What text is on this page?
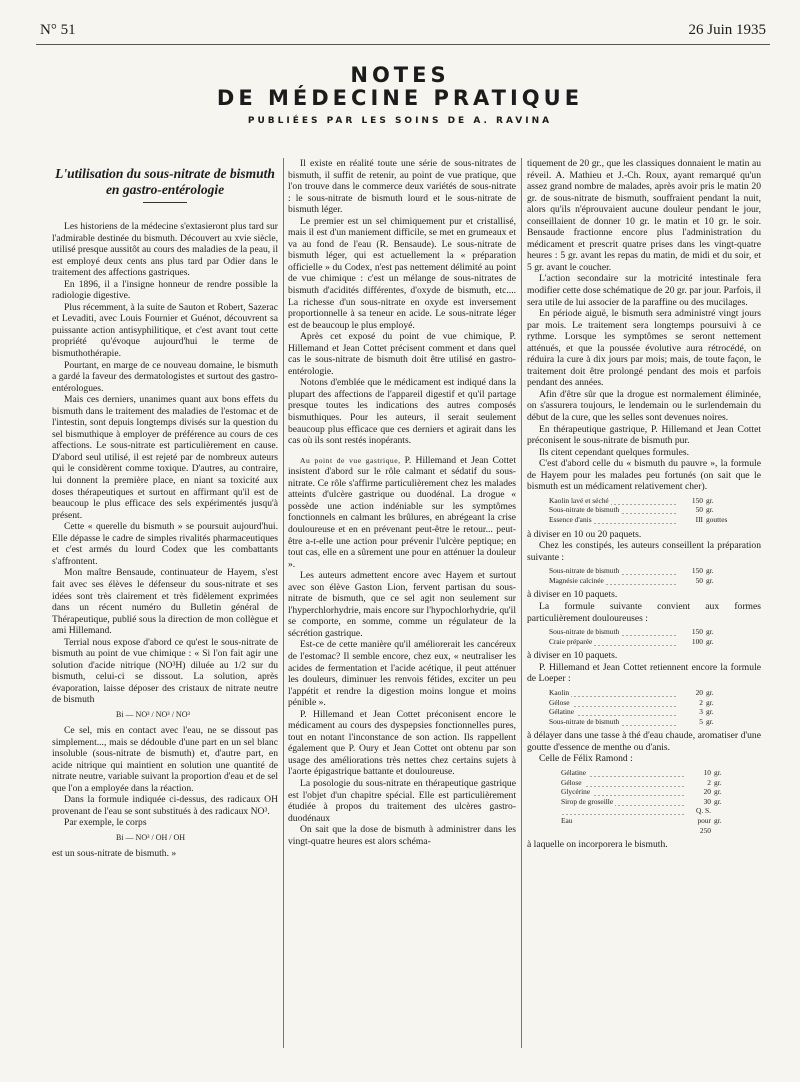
N° 51	26 Juin 1935
NOTES
DE MÉDECINE PRATIQUE
PUBLIÉES PAR LES SOINS DE A. RAVINA
L'utilisation du sous-nitrate de bismuth
en gastro-entérologie

Les historiens de la médecine s'extasieront plus tard sur l'admirable destinée du bismuth. Découvert au xvie siècle, utilisé presque aussitôt au cours des maladies de la peau, il est employé deux cents ans plus tard par Odier dans le traitement des affections gastriques.

En 1896, il a l'insigne honneur de rendre possible la radiologie digestive.

Plus récemment, à la suite de Sauton et Robert, Sazerac et Levaditi, avec Louis Fournier et Guénot, découvrent sa puissante action antisyphilitique, et c'est avant tout cette propriété qu'évoque aujourd'hui le terme de bismuthothérapie.

Pourtant, en marge de ce nouveau domaine, le bismuth a gardé la faveur des dermatologistes et surtout des gastro-entérologues.

Mais ces derniers, unanimes quant aux bons effets du bismuth dans le traitement des maladies de l'estomac et de l'intestin, sont depuis longtemps divisés sur la question du sel bismuthique à employer de préférence au cours de ces affections. Le sous-nitrate est particulièrement en cause. D'abord seul utilisé, il est rejeté par de nombreux auteurs qui le considèrent comme toxique. D'autres, au contraire, lui donnent la première place, en niant sa toxicité aux doses thérapeutiques et surtout en affirmant qu'il est de beaucoup le plus efficace des sels expérimentés jusqu'à présent.

Cette « querelle du bismuth » se poursuit aujourd'hui. Elle dépasse le cadre de simples rivalités pharmaceutiques et c'est armés du lourd Codex que les combattants s'affrontent.

Mon maître Bensaude, continuateur de Hayem, s'est fait avec ses élèves le défenseur du sous-nitrate et ses idées sont très clairement et très fidèlement exprimées dans un récent numéro du Bulletin général de Thérapeutique, publié sous la direction de mon collègue et ami Hillemand.

Terrial nous expose d'abord ce qu'est le sous-nitrate de bismuth au point de vue chimique : « Si l'on fait agir une solution d'acide nitrique (NO³H) diluée au 1/2 sur du bismuth, celui-ci se dissout. La solution, après évaporation, laisse déposer des cristaux de nitrate neutre de bismuth

Bi — NO³ / NO³ / NO³

Ce sel, mis en contact avec l'eau, ne se dissout pas simplement..., mais se dédouble d'une part en un sel blanc insoluble (sous-nitrate de bismuth) et, d'autre part, en acide nitrique qui maintient en solution une quantité de nitrate neutre, variable suivant la proportion d'eau et de sel que l'on a employée dans la réaction.

Dans la formule indiquée ci-dessus, des radicaux OH provenant de l'eau se sont substitués à des radicaux NO³.

Par exemple, le corps

Bi — NO³ / OH / OH

est un sous-nitrate de bismuth. »

Il existe en réalité toute une série de sous-nitrates de bismuth, il suffit de retenir, au point de vue pratique, que l'on trouve dans le commerce deux variétés de sous-nitrate : le sous-nitrate de bismuth lourd et le sous-nitrate de bismuth léger.

Le premier est un sel chimiquement pur et cristallisé, mais il est d'un maniement difficile, se met en grumeaux et va au fond de l'eau (R. Bensaude). Le sous-nitrate de bismuth léger, qui est actuellement la « préparation officielle » du Codex, n'est pas nettement délimité au point de vue chimique : c'est un mélange de sous-nitrates de bismuth d'acidités différentes, d'oxyde de bismuth, etc.... La richesse d'un sous-nitrate en oxyde est inversement proportionnelle à sa teneur en acide. Le sous-nitrate léger est de beaucoup le plus employé.

Après cet exposé du point de vue chimique, P. Hillemand et Jean Cottet précisent comment et dans quel cas le sous-nitrate de bismuth doit être utilisé en gastro-entérologie.

Notons d'emblée que le médicament est indiqué dans la plupart des affections de l'appareil digestif et qu'il partage presque toutes les indications des autres composés bismuthiques. Pour les auteurs, il serait seulement beaucoup plus efficace que ces derniers et agirait dans les cas où ils sont restés inopérants.

Au point de vue gastrique, P. Hillemand et Jean Cottet insistent d'abord sur le rôle calmant et sédatif du sous-nitrate. Ce rôle s'affirme particulièrement chez les malades atteints d'ulcère gastrique ou duodénal. La drogue « possède une action indéniable sur les symptômes fonctionnels en calmant les brûlures, en abrégeant la crise douloureuse et en en prévenant peut-être le retour... peut-être a-t-elle une action pour prévenir l'ulcère peptique; en tout cas, elle en a sûrement une pour en atténuer la douleur ».

Les auteurs admettent encore avec Hayem et surtout avec son élève Gaston Lion, fervent partisan du sous-nitrate de bismuth, que ce sel agit non seulement sur l'hyperchlorhydrie, mais encore sur l'hypochlorhydrie, qu'il se comporte, en somme, comme un régulateur de la sécrétion gastrique.

Est-ce de cette manière qu'il améliorerait les cancéreux de l'estomac? Il semble encore, chez eux, « neutraliser les acides de fermentation et l'acide acétique, il peut atténuer les douleurs, diminuer les renvois fétides, exciter un peu l'appétit et rendre la digestion moins longue et moins pénible ».

P. Hillemand et Jean Cottet préconisent encore le médicament au cours des dyspepsies fonctionnelles pures, tout en notant l'inconstance de son action. Ils rappellent également que P. Oury et Jean Cottet ont obtenu par son usage des améliorations très nettes chez certains sujets à l'aorte épigastrique battante et douloureuse.

La posologie du sous-nitrate en thérapeutique gastrique est l'objet d'un chapitre spécial. Elle est particulièrement étudiée à propos du traitement des ulcères gastro-duodénaux

On sait que la dose de bismuth à administrer dans les vingt-quatre heures est alors schéma-

tiquement de 20 gr., que les classiques donnaient le matin au réveil. A. Mathieu et J.-Ch. Roux, ayant remarqué qu'un assez grand nombre de malades, après avoir pris le matin 20 gr. de sous-nitrate de bismuth, souffraient pendant la nuit, alors qu'ils n'éprouvaient aucune douleur pendant le jour, conseillaient de donner 10 gr. le matin et 10 gr. le soir. Bensaude fractionne encore plus l'administration du médicament et prescrit quatre prises dans les vingt-quatre heures : 5 gr. avant les repas du matin, de midi et du soir, et 5 gr. avant le coucher.

L'action secondaire sur la motricité intestinale fera modifier cette dose schématique de 20 gr. par jour. Parfois, il sera utile de lui associer de la paraffine ou des mucilages.

En période aiguë, le bismuth sera administré vingt jours par mois. Le traitement sera longtemps poursuivi à ce rythme. Lorsque les symptômes se seront nettement atténués, et que la poussée évolutive aura rétrocédé, on réduira la cure à dix jours par mois; mais, de toute façon, le traitement doit être prolongé pendant des mois et parfois pendant des années.

Afin d'être sûr que la drogue est normalement éliminée, on s'assurera toujours, le lendemain ou le surlendemain du début de la cure, que les selles sont devenues noires.

En thérapeutique gastrique, P. Hillemand et Jean Cottet préconisent le sous-nitrate de bismuth pur.

Ils citent cependant quelques formules.

C'est d'abord celle du « bismuth du pauvre », la formule de Hayem pour les malades peu fortunés (on sait que le bismuth est un médicament relativement cher).

Kaolin lavé et séché	150	gr.
Sous-nitrate de bismuth	50	gr.
Essence d'anis	III	gouttes

à diviser en 10 ou 20 paquets.

Chez les constipés, les auteurs conseillent la préparation suivante :

Sous-nitrate de bismuth	150	gr.
Magnésie calcinée	50	gr.

à diviser en 10 paquets.

La formule suivante convient aux formes particulièrement douloureuses :

Sous-nitrate de bismuth	150	gr.
Craie préparée	100	gr.

à diviser en 10 paquets.

P. Hillemand et Jean Cottet retiennent encore la formule de Loeper :

Kaolin	20	gr.
Gélose	2	gr.
Gélatine	3	gr.
Sous-nitrate de bismuth	5	gr.

à délayer dans une tasse à thé d'eau chaude, aromatiser d'une goutte d'essence de menthe ou d'anis.

Celle de Félix Ramond :

Gélatine	10	gr.
Gélose	2	gr.
Glycérine	20	gr.
Sirop de groseille	30	gr.
Eau	Q. S. pour 250	gr.

à laquelle on incorporera le bismuth.
